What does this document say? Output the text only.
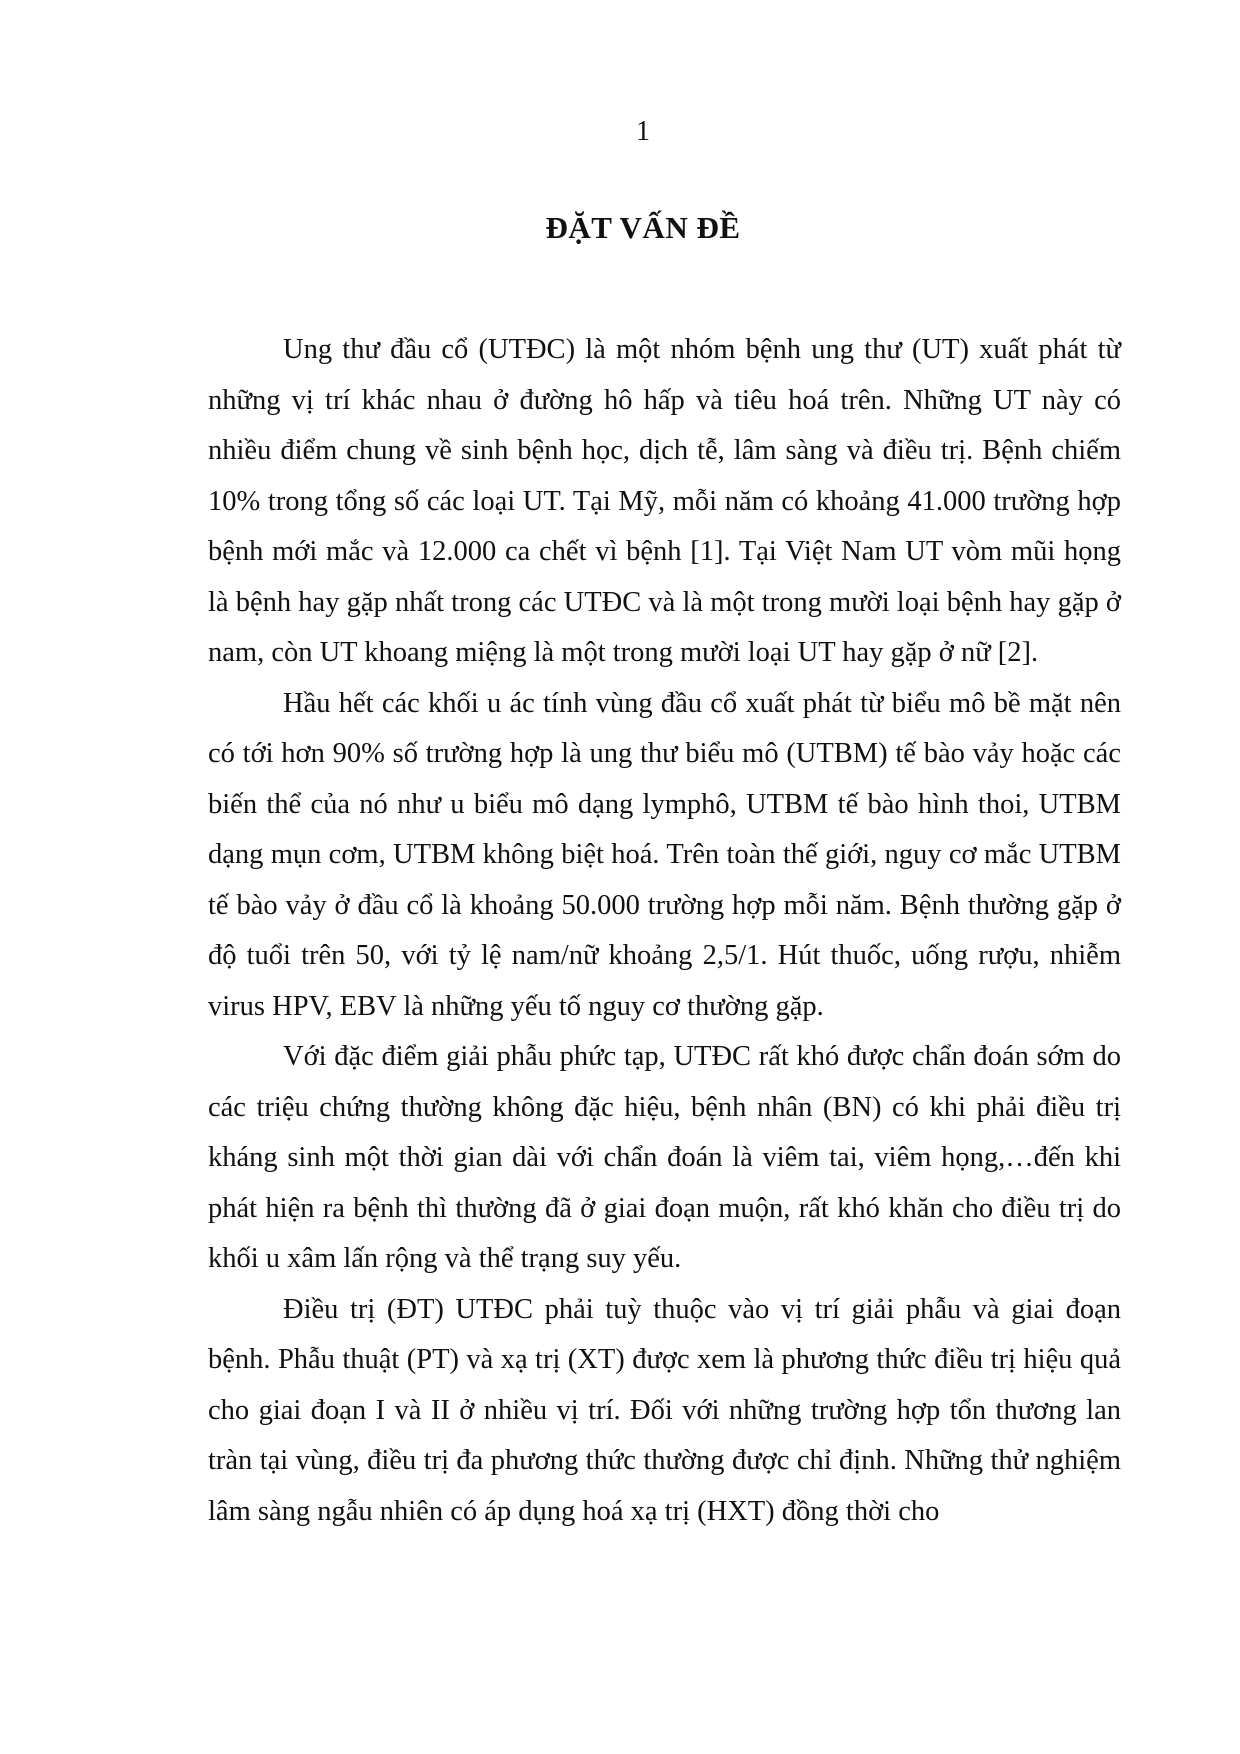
1
ĐẶT VẤN ĐỀ

Ung thư đầu cổ (UTĐC) là một nhóm bệnh ung thư (UT) xuất phát từ những vị trí khác nhau ở đường hô hấp và tiêu hoá trên. Những UT này có nhiều điểm chung về sinh bệnh học, dịch tễ, lâm sàng và điều trị. Bệnh chiếm 10% trong tổng số các loại UT. Tại Mỹ, mỗi năm có khoảng 41.000 trường hợp bệnh mới mắc và 12.000 ca chết vì bệnh [1]. Tại Việt Nam UT vòm mũi họng là bệnh hay gặp nhất trong các UTĐC và là một trong mười loại bệnh hay gặp ở nam, còn UT khoang miệng là một trong mười loại UT hay gặp ở nữ [2].

Hầu hết các khối u ác tính vùng đầu cổ xuất phát từ biểu mô bề mặt nên có tới hơn 90% số trường hợp là ung thư biểu mô (UTBM) tế bào vảy hoặc các biến thể của nó như u biểu mô dạng lymphô, UTBM tế bào hình thoi, UTBM dạng mụn cơm, UTBM không biệt hoá. Trên toàn thế giới, nguy cơ mắc UTBM tế bào vảy ở đầu cổ là khoảng 50.000 trường hợp mỗi năm. Bệnh thường gặp ở độ tuổi trên 50, với tỷ lệ nam/nữ khoảng 2,5/1. Hút thuốc, uống rượu, nhiễm virus HPV, EBV là những yếu tố nguy cơ thường gặp.

Với đặc điểm giải phẫu phức tạp, UTĐC rất khó được chẩn đoán sớm do các triệu chứng thường không đặc hiệu, bệnh nhân (BN) có khi phải điều trị kháng sinh một thời gian dài với chẩn đoán là viêm tai, viêm họng,…đến khi phát hiện ra bệnh thì thường đã ở giai đoạn muộn, rất khó khăn cho điều trị do khối u xâm lấn rộng và thể trạng suy yếu.

Điều trị (ĐT) UTĐC phải tuỳ thuộc vào vị trí giải phẫu và giai đoạn bệnh. Phẫu thuật (PT) và xạ trị (XT) được xem là phương thức điều trị hiệu quả cho giai đoạn I và II ở nhiều vị trí. Đối với những trường hợp tổn thương lan tràn tại vùng, điều trị đa phương thức thường được chỉ định. Những thử nghiệm lâm sàng ngẫu nhiên có áp dụng hoá xạ trị (HXT) đồng thời cho
